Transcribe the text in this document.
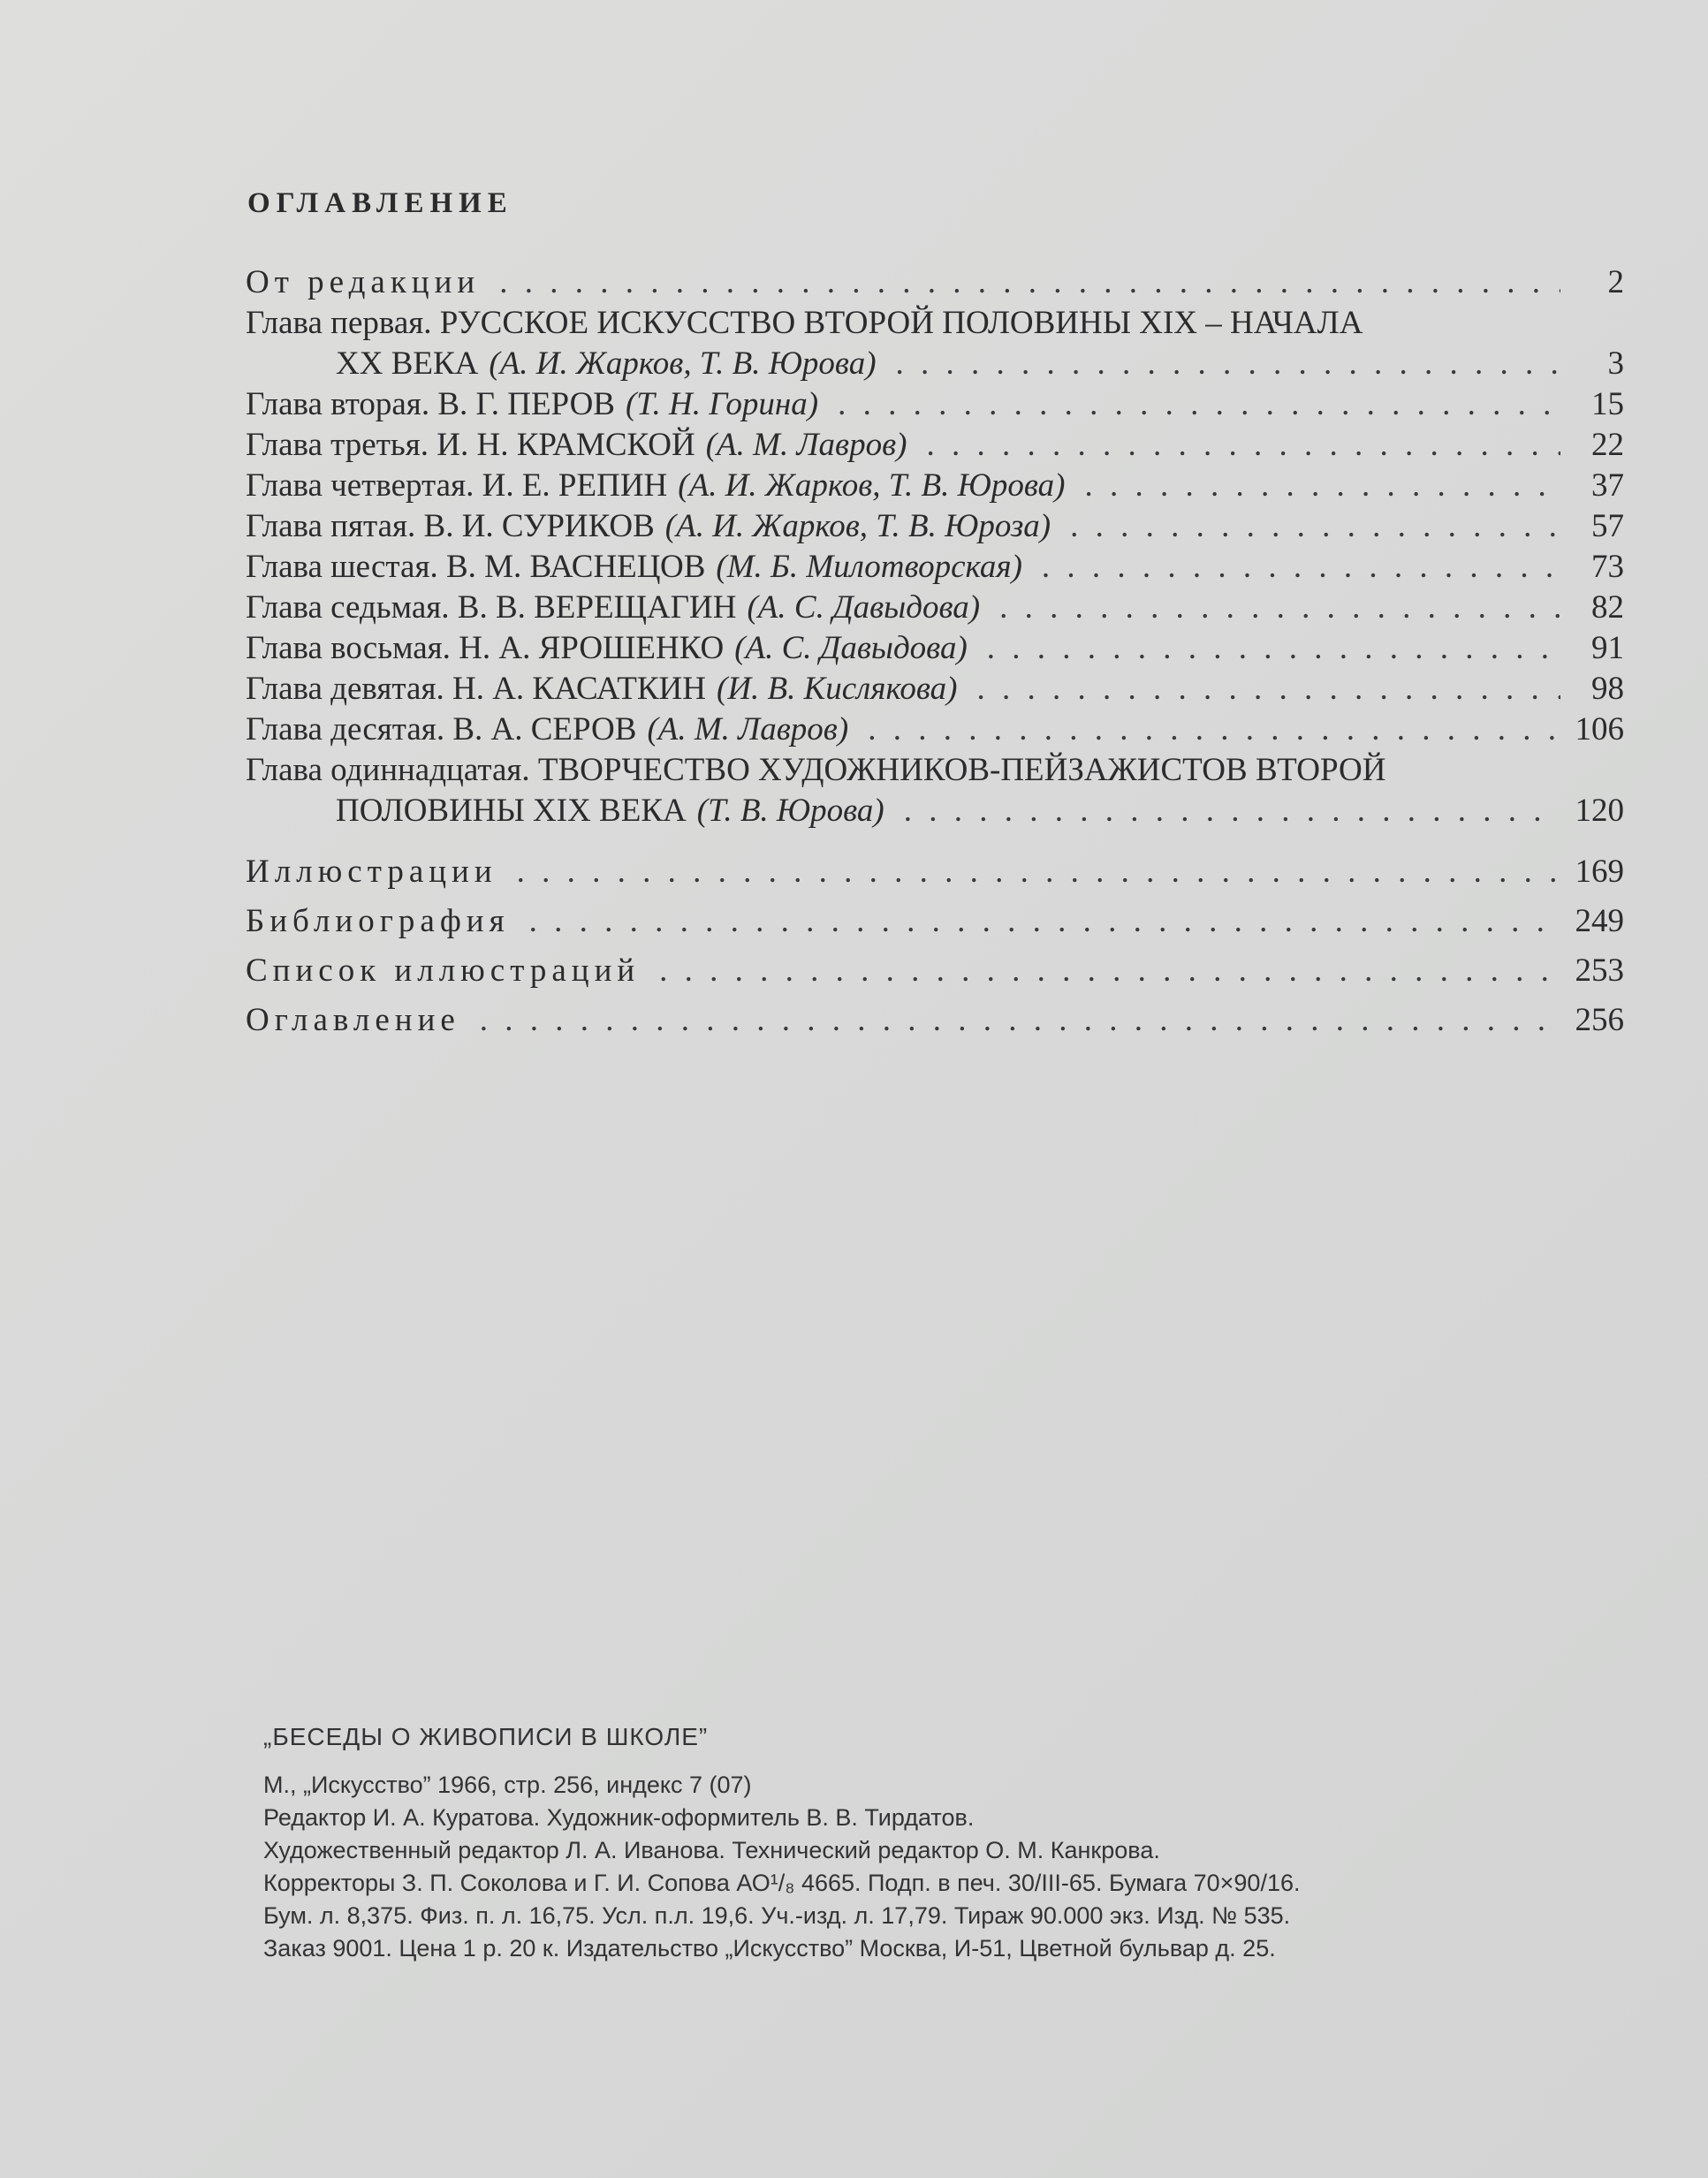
ОГЛАВЛЕНИЕ
От редакции . . .	2
Глава первая. РУССКОЕ ИСКУССТВО ВТОРОЙ ПОЛОВИНЫ XIX – НАЧАЛА
XX ВЕКА (А. И. Жарков, Т. В. Юрова) . . .	3
Глава вторая.
В. Г. ПЕРОВ (Т. Н. Горина) . . .	15
Глава третья.
И. Н. КРАМСКОЙ (А. М. Лавров) . . .	22
Глава четвертая.
И. Е. РЕПИН (А. И. Жарков, Т. В. Юрова) . . .	37
Глава пятая.
В. И. СУРИКОВ (А. И. Жарков, Т. В. Юроза) . . .	57
Глава шестая.
В. М. ВАСНЕЦОВ (М. Б. Милотворская) . . .	73
Глава седьмая.
В. В. ВЕРЕЩАГИН (А. С. Давыдова) . . .	82
Глава восьмая.
Н. А. ЯРОШЕНКО (А. С. Давыдова) . . .	91
Глава девятая.
Н. А. КАСАТКИН (И. В. Кислякова) . . .	98
Глава десятая.
В. А. СЕРОВ (А. М. Лавров) . . .	106
Глава одиннадцатая. ТВОРЧЕСТВО ХУДОЖНИКОВ-ПЕЙЗАЖИСТОВ ВТОРОЙ
ПОЛОВИНЫ XIX ВЕКА (Т. В. Юрова) . . .	120
Иллюстрации . . .	169
Библиография . . .	249
Список иллюстраций . . .	253
Оглавление . . .	256
„БЕСЕДЫ О ЖИВОПИСИ В ШКОЛЕ”
М., „Искусство” 1966, стр. 256, индекс 7 (07)
Редактор И. А. Куратова. Художник-оформитель В. В. Тирдатов.
Художественный редактор Л. А. Иванова. Технический редактор О. М. Канкрова.
Корректоры З. П. Соколова и Г. И. Сопова АО¹/₈ 4665. Подп. в печ. 30/III-65. Бумага 70×90/16.
Бум. л. 8,375. Физ. п. л. 16,75. Усл. п.л. 19,6. Уч.-изд. л. 17,79. Тираж 90.000 экз. Изд. № 535.
Заказ 9001. Цена 1 р. 20 к. Издательство „Искусство” Москва, И-51, Цветной бульвар д. 25.
